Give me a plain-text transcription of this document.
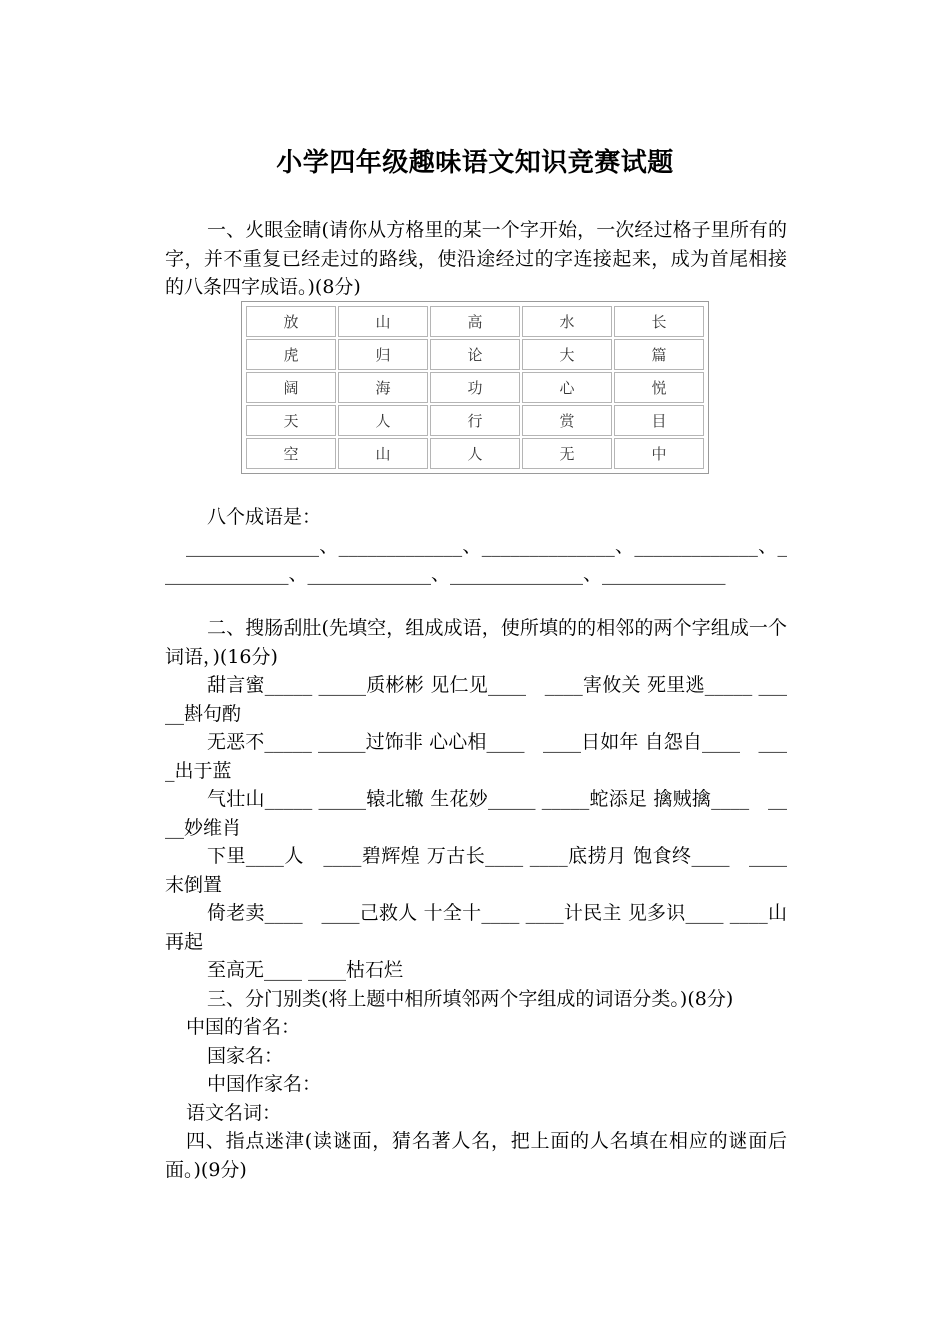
小学四年级趣味语文知识竞赛试题

一、火眼金睛(请你从方格里的某一个字开始，一次经过格子里所有的字，并不重复已经走过的路线，使沿途经过的字连接起来，成为首尾相接的八条四字成语。)(8分)

放	山	高	水	长
虎	归	论	大	篇
阔	海	功	心	悦
天	人	行	赏	目
空	山	人	无	中

八个成语是：

______________、_____________、______________、_____________、______________、_____________、______________、_____________

二、搜肠刮肚(先填空，组成成语，使所填的的相邻的两个字组成一个词语，)(16分)

甜言蜜_____ _____质彬彬 见仁见____   ____害攸关 死里逃_____ _____斟句酌

无恶不_____ _____过饰非 心心相____   ____日如年 自怨自____   ____出于蓝

气壮山_____ _____辕北辙 生花妙_____ _____蛇添足 擒贼擒____   ____妙维肖

下里____人   ____碧辉煌 万古长____ ____底捞月 饱食终____   ____末倒置

倚老卖____   ____己救人 十全十____ ____计民主 见多识____ ____山再起

至高无____ ____枯石烂

三、分门别类(将上题中相所填邻两个字组成的词语分类。)(8分)

中国的省名：

国家名：

中国作家名：

语文名词：

四、指点迷津(读谜面，猜名著人名，把上面的人名填在相应的谜面后面。)(9分)
